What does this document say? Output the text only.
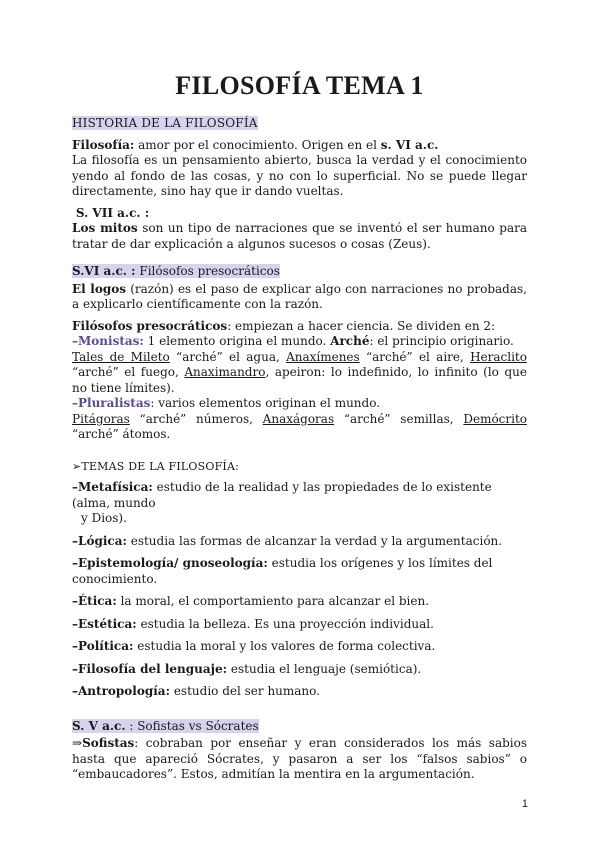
FILOSOFÍA TEMA 1
HISTORIA DE LA FILOSOFÍA

Filosofía: amor por el conocimiento. Origen en el s. VI a.c.

La filosofía es un pensamiento abierto, busca la verdad y el conocimiento yendo al fondo de las cosas, y no con lo superficial. No se puede llegar directamente, sino hay que ir dando vueltas.

S. VII a.c. :

Los mitos son un tipo de narraciones que se inventó el ser humano para tratar de dar explicación a algunos sucesos o cosas (Zeus).

S.VI a.c. : Filósofos presocráticos

El logos (razón) es el paso de explicar algo con narraciones no probadas, a explicarlo científicamente con la razón.

Filósofos presocráticos: empiezan a hacer ciencia. Se dividen en 2:

–Monistas: 1 elemento origina el mundo. Arché: el principio originario.

Tales de Mileto “arché” el agua, Anaxímenes “arché” el aire, Heraclito “arché” el fuego, Anaximandro, apeiron: lo indefinido, lo infinito (lo que no tiene límites).

–Pluralistas: varios elementos originan el mundo.

Pitágoras “arché” números, Anaxágoras “arché” semillas, Demócrito “arché” átomos.

➢TEMAS DE LA FILOSOFÍA:

–Metafísica: estudio de la realidad y las propiedades de lo existente (alma, mundo
y Dios).

–Lógica: estudia las formas de alcanzar la verdad y la argumentación.

–Epistemología/ gnoseología: estudia los orígenes y los límites del conocimiento.

–Ética: la moral, el comportamiento para alcanzar el bien.

–Estética: estudia la belleza. Es una proyección individual.

–Política: estudia la moral y los valores de forma colectiva.

–Filosofía del lenguaje: estudia el lenguaje (semiótica).

–Antropología: estudio del ser humano.

S. V a.c. : Sofistas vs Sócrates

⇒Sofistas: cobraban por enseñar y eran considerados los más sabios hasta que apareció Sócrates, y pasaron a ser los “falsos sabios” o “embaucadores”. Estos, admitían la mentira en la argumentación.

1
